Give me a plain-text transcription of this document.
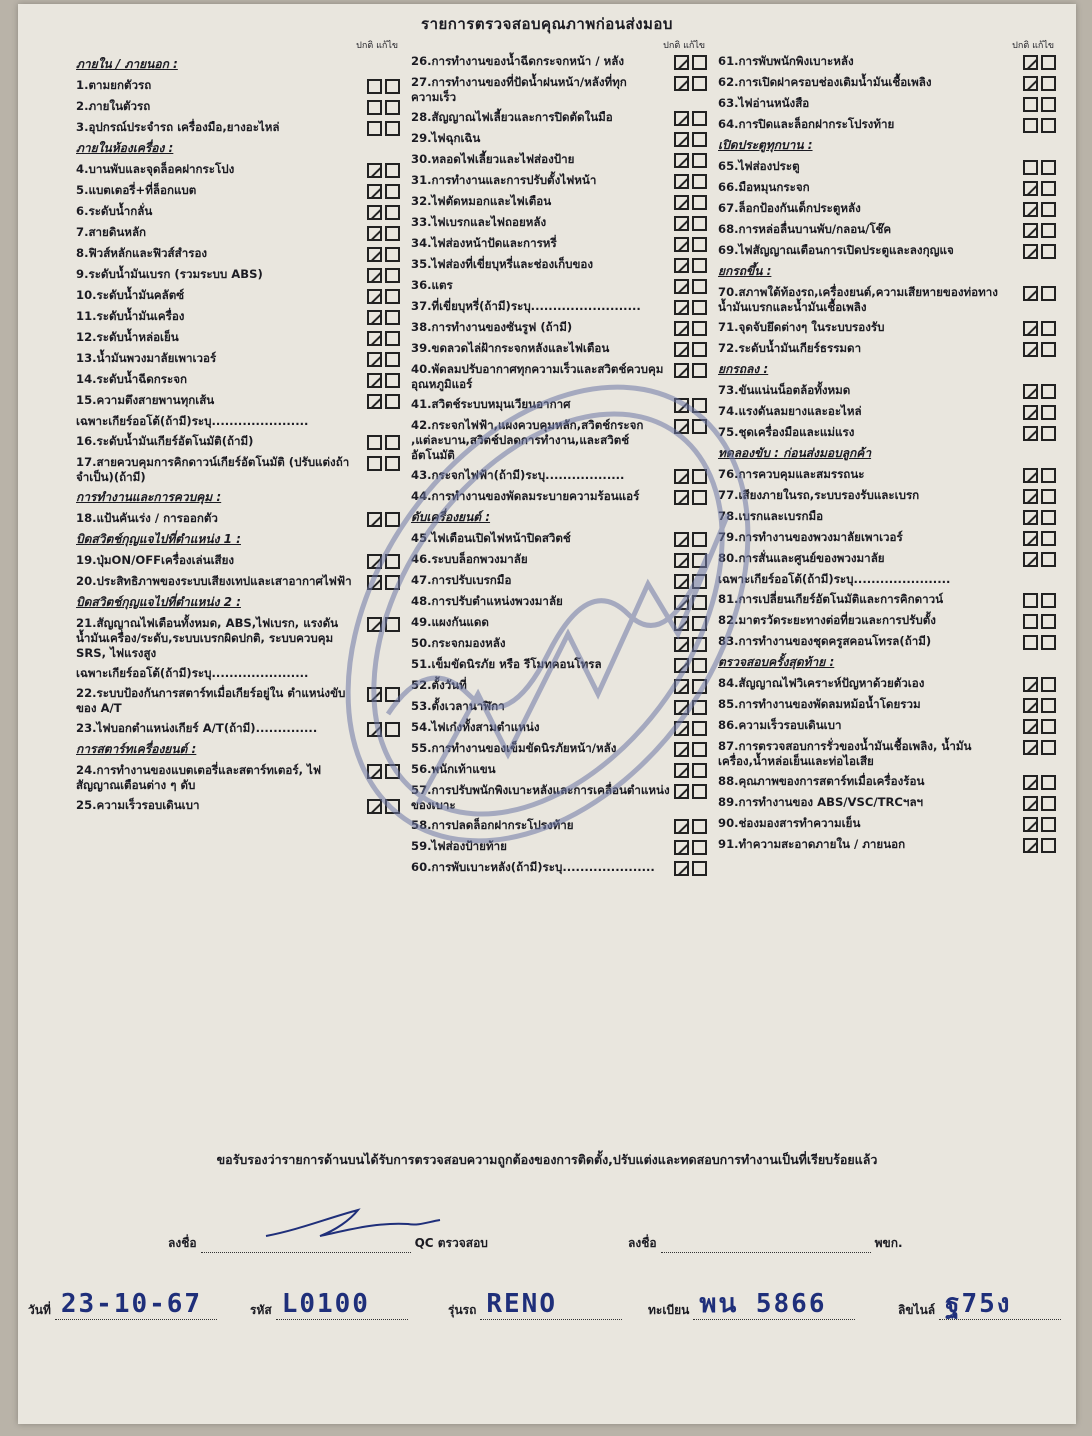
รายการตรวจสอบคุณภาพก่อนส่งมอบ
ปกติ แก้ไข
ภายใน / ภายนอก :
1.ตามยกตัวรถ
2.ภายในตัวรถ
3.อุปกรณ์ประจำรถ เครื่องมือ,ยางอะไหล่
ภายในห้องเครื่อง :
4.บานพับและจุดล็อคฝากระโปง
5.แบตเตอรี่+ที่ล็อกแบต
6.ระดับน้ำกลั่น
7.สายดินหลัก
8.ฟิวส์หลักและฟิวส์สำรอง
9.ระดับน้ำมันเบรก (รวมระบบ ABS)
10.ระดับน้ำมันคลัตซ์
11.ระดับน้ำมันเครื่อง
12.ระดับน้ำหล่อเย็น
13.น้ำมันพวงมาลัยเพาเวอร์
14.ระดับน้ำฉีดกระจก
15.ความตึงสายพานทุกเส้น
เฉพาะเกียร์ออโต้(ถ้ามี)ระบุ......................
16.ระดับน้ำมันเกียร์อัตโนมัติ(ถ้ามี)
17.สายควบคุมการคิกดาวน์เกียร์อัตโนมัติ (ปรับแต่งถ้าจำเป็น)(ถ้ามี)
การทำงานและการควบคุม :
18.แป้นคันเร่ง / การออกตัว
บิดสวิตช์กุญแจไปที่ตำแหน่ง 1 :
19.ปุ่มON/OFFเครื่องเล่นเสียง
20.ประสิทธิภาพของระบบเสียงเทปและเสาอากาศไฟฟ้า
บิดสวิตช์กุญแจไปที่ตำแหน่ง 2 :
21.สัญญาณไฟเตือนทั้งหมด, ABS,ไฟเบรก, แรงดันน้ำมันเครื่อง/ระดับ,ระบบเบรกผิดปกติ, ระบบควบคุม SRS, ไฟแรงสูง
เฉพาะเกียร์ออโต้(ถ้ามี)ระบุ......................
22.ระบบป้องกันการสตาร์ทเมื่อเกียร์อยู่ใน ตำแหน่งขับของ A/T
23.ไฟบอกตำแหน่งเกียร์ A/T(ถ้ามี)..............
การสตาร์ทเครื่องยนต์ :
24.การทำงานของแบตเตอรี่และสตาร์ทเตอร์, ไฟสัญญาณเตือนต่าง ๆ ดับ
25.ความเร็วรอบเดินเบา
ปกติ แก้ไข
26.การทำงานของน้ำฉีดกระจกหน้า / หลัง
27.การทำงานของที่ปัดน้ำฝนหน้า/หลังที่ทุกความเร็ว
28.สัญญาณไฟเลี้ยวและการปิดตัดในมือ
29.ไฟฉุกเฉิน
30.หลอดไฟเลี้ยวและไฟส่องป้าย
31.การทำงานและการปรับตั้งไฟหน้า
32.ไฟตัดหมอกและไฟเตือน
33.ไฟเบรกและไฟถอยหลัง
34.ไฟส่องหน้าปัดและการหรี่
35.ไฟส่องที่เขี่ยบุหรี่และช่องเก็บของ
36.แตร
37.ที่เขี่ยบุหรี่(ถ้ามี)ระบุ.........................
38.การทำงานของซันรูฟ (ถ้ามี)
39.ขดลวดไล่ฝ้ากระจกหลังและไฟเตือน
40.พัดลมปรับอากาศทุกความเร็วและสวิตช์ควบคุมอุณหภูมิแอร์
41.สวิตช์ระบบหมุนเวียนอากาศ
42.กระจกไฟฟ้า,แผงควบคุมหลัก,สวิตช์กระจก ,แต่ละบาน,สวิตช์ปลดการทำงาน,และสวิตช์อัตโนมัติ
43.กระจกไฟฟ้า(ถ้ามี)ระบุ..................
44.การทำงานของพัดลมระบายความร้อนแอร์
ดับเครื่องยนต์ :
45.ไฟเตือนเปิดไฟหน้าปิดสวิตช์
46.ระบบล็อกพวงมาลัย
47.การปรับเบรกมือ
48.การปรับตำแหน่งพวงมาลัย
49.แผงกันแดด
50.กระจกมองหลัง
51.เข็มขัดนิรภัย หรือ รีโมทคอนโทรล
52.ตั้งวันที่
53.ตั้งเวลานาฬิกา
54.ไฟเก๋งทั้งสามตำแหน่ง
55.การทำงานของเข็มขัดนิรภัยหน้า/หลัง
56.พนักเท้าแขน
57.การปรับพนักพิงเบาะหลังและการเคลื่อนตำแหน่งของเบาะ
58.การปลดล็อกฝากระโปรงท้าย
59.ไฟส่องป้ายท้าย
60.การพับเบาะหลัง(ถ้ามี)ระบุ.....................
ปกติ แก้ไข
61.การพับพนักพิงเบาะหลัง
62.การเปิดฝาครอบช่องเติมน้ำมันเชื้อเพลิง
63.ไฟอ่านหนังสือ
64.การปิดและล็อกฝากระโปรงท้าย
เปิดประตูทุกบาน :
65.ไฟส่องประตู
66.มือหมุนกระจก
67.ล็อกป้องกันเด็กประตูหลัง
68.การหล่อลื่นบานพับ/กลอน/โช๊ค
69.ไฟสัญญาณเตือนการเปิดประตูและลงกุญแจ
ยกรถขึ้น :
70.สภาพใต้ท้องรถ,เครื่องยนต์,ความเสียหายของท่อทางน้ำมันเบรกและน้ำมันเชื้อเพลิง
71.จุดจับยึดต่างๆ ในระบบรองรับ
72.ระดับน้ำมันเกียร์ธรรมดา
ยกรถลง :
73.ขันแน่นน็อตล้อทั้งหมด
74.แรงดันลมยางและอะไหล่
75.ชุดเครื่องมือและแม่แรง
ทดลองขับ : ก่อนส่งมอบลูกค้า
76.การควบคุมและสมรรถนะ
77.เสียงภายในรถ,ระบบรองรับและเบรก
78.เบรกและเบรกมือ
79.การทำงานของพวงมาลัยเพาเวอร์
80.การสั่นและศูนย์ของพวงมาลัย
เฉพาะเกียร์ออโต้(ถ้ามี)ระบุ......................
81.การเปลี่ยนเกียร์อัตโนมัติและการคิกดาวน์
82.มาตรวัดระยะทางต่อที่ยวและการปรับตั้ง
83.การทำงานของชุดครูสคอนโทรล(ถ้ามี)
ตรวจสอบครั้งสุดท้าย :
84.สัญญาณไฟวิเคราะห์ปัญหาด้วยตัวเอง
85.การทำงานของพัดลมหม้อน้ำโดยรวม
86.ความเร็วรอบเดินเบา
87.การตรวจสอบการรั่วของน้ำมันเชื้อเพลิง, น้ำมันเครื่อง,น้ำหล่อเย็นและท่อไอเสีย
88.คุณภาพของการสตาร์ทเมื่อเครื่องร้อน
89.การทำงานของ ABS/VSC/TRCฯลฯ
90.ช่องมองสารทำความเย็น
91.ทำความสะอาดภายใน / ภายนอก
ขอรับรองว่ารายการด้านบนได้รับการตรวจสอบความถูกต้องของการติดตั้ง,ปรับแต่งและทดสอบการทำงานเป็นที่เรียบร้อยแล้ว
ลงชื่อ	QC ตรวจสอบ	ลงชื่อ	พขก.
วันที่ 23-10-67	รหัส L0100	รุ่นรถ RENO	ทะเบียน พน 5866	ลิขไนล์ ฐ75ง
